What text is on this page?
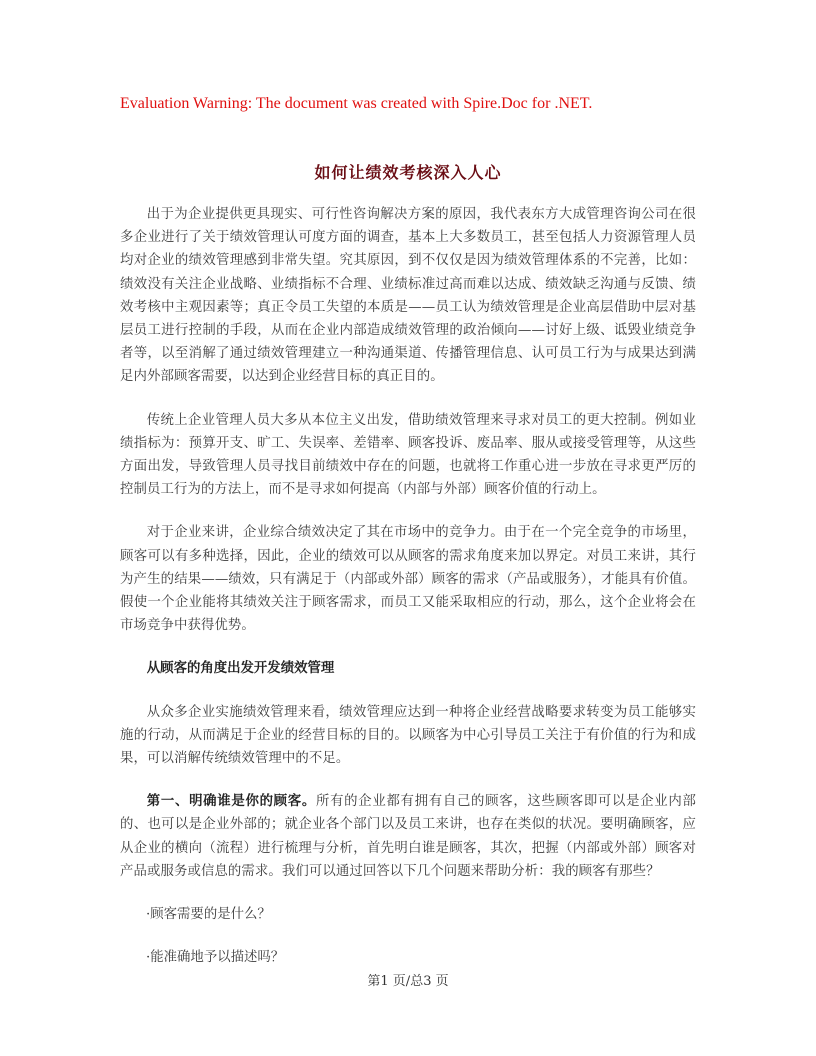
Evaluation Warning: The document was created with Spire.Doc for .NET.
如何让绩效考核深入人心

出于为企业提供更具现实、可行性咨询解决方案的原因，我代表东方大成管理咨询公司在很多企业进行了关于绩效管理认可度方面的调查，基本上大多数员工，甚至包括人力资源管理人员均对企业的绩效管理感到非常失望。究其原因，到不仅仅是因为绩效管理体系的不完善，比如：绩效没有关注企业战略、业绩指标不合理、业绩标准过高而难以达成、绩效缺乏沟通与反馈、绩效考核中主观因素等；真正令员工失望的本质是——员工认为绩效管理是企业高层借助中层对基层员工进行控制的手段，从而在企业内部造成绩效管理的政治倾向——讨好上级、诋毁业绩竞争者等，以至消解了通过绩效管理建立一种沟通渠道、传播管理信息、认可员工行为与成果达到满足内外部顾客需要，以达到企业经营目标的真正目的。

传统上企业管理人员大多从本位主义出发，借助绩效管理来寻求对员工的更大控制。例如业绩指标为：预算开支、旷工、失误率、差错率、顾客投诉、废品率、服从或接受管理等，从这些方面出发，导致管理人员寻找目前绩效中存在的问题，也就将工作重心进一步放在寻求更严厉的控制员工行为的方法上，而不是寻求如何提高（内部与外部）顾客价值的行动上。

对于企业来讲，企业综合绩效决定了其在市场中的竞争力。由于在一个完全竞争的市场里，顾客可以有多种选择，因此，企业的绩效可以从顾客的需求角度来加以界定。对员工来讲，其行为产生的结果——绩效，只有满足于（内部或外部）顾客的需求（产品或服务），才能具有价值。假使一个企业能将其绩效关注于顾客需求，而员工又能采取相应的行动，那么，这个企业将会在市场竞争中获得优势。

从顾客的角度出发开发绩效管理

从众多企业实施绩效管理来看，绩效管理应达到一种将企业经营战略要求转变为员工能够实施的行动，从而满足于企业的经营目标的目的。以顾客为中心引导员工关注于有价值的行为和成果，可以消解传统绩效管理中的不足。

第一、明确谁是你的顾客。所有的企业都有拥有自己的顾客，这些顾客即可以是企业内部的、也可以是企业外部的；就企业各个部门以及员工来讲，也存在类似的状况。要明确顾客，应从企业的横向（流程）进行梳理与分析，首先明白谁是顾客，其次，把握（内部或外部）顾客对产品或服务或信息的需求。我们可以通过回答以下几个问题来帮助分析：我的顾客有那些？

·顾客需要的是什么？

·能准确地予以描述吗？

第1 页/总3 页
